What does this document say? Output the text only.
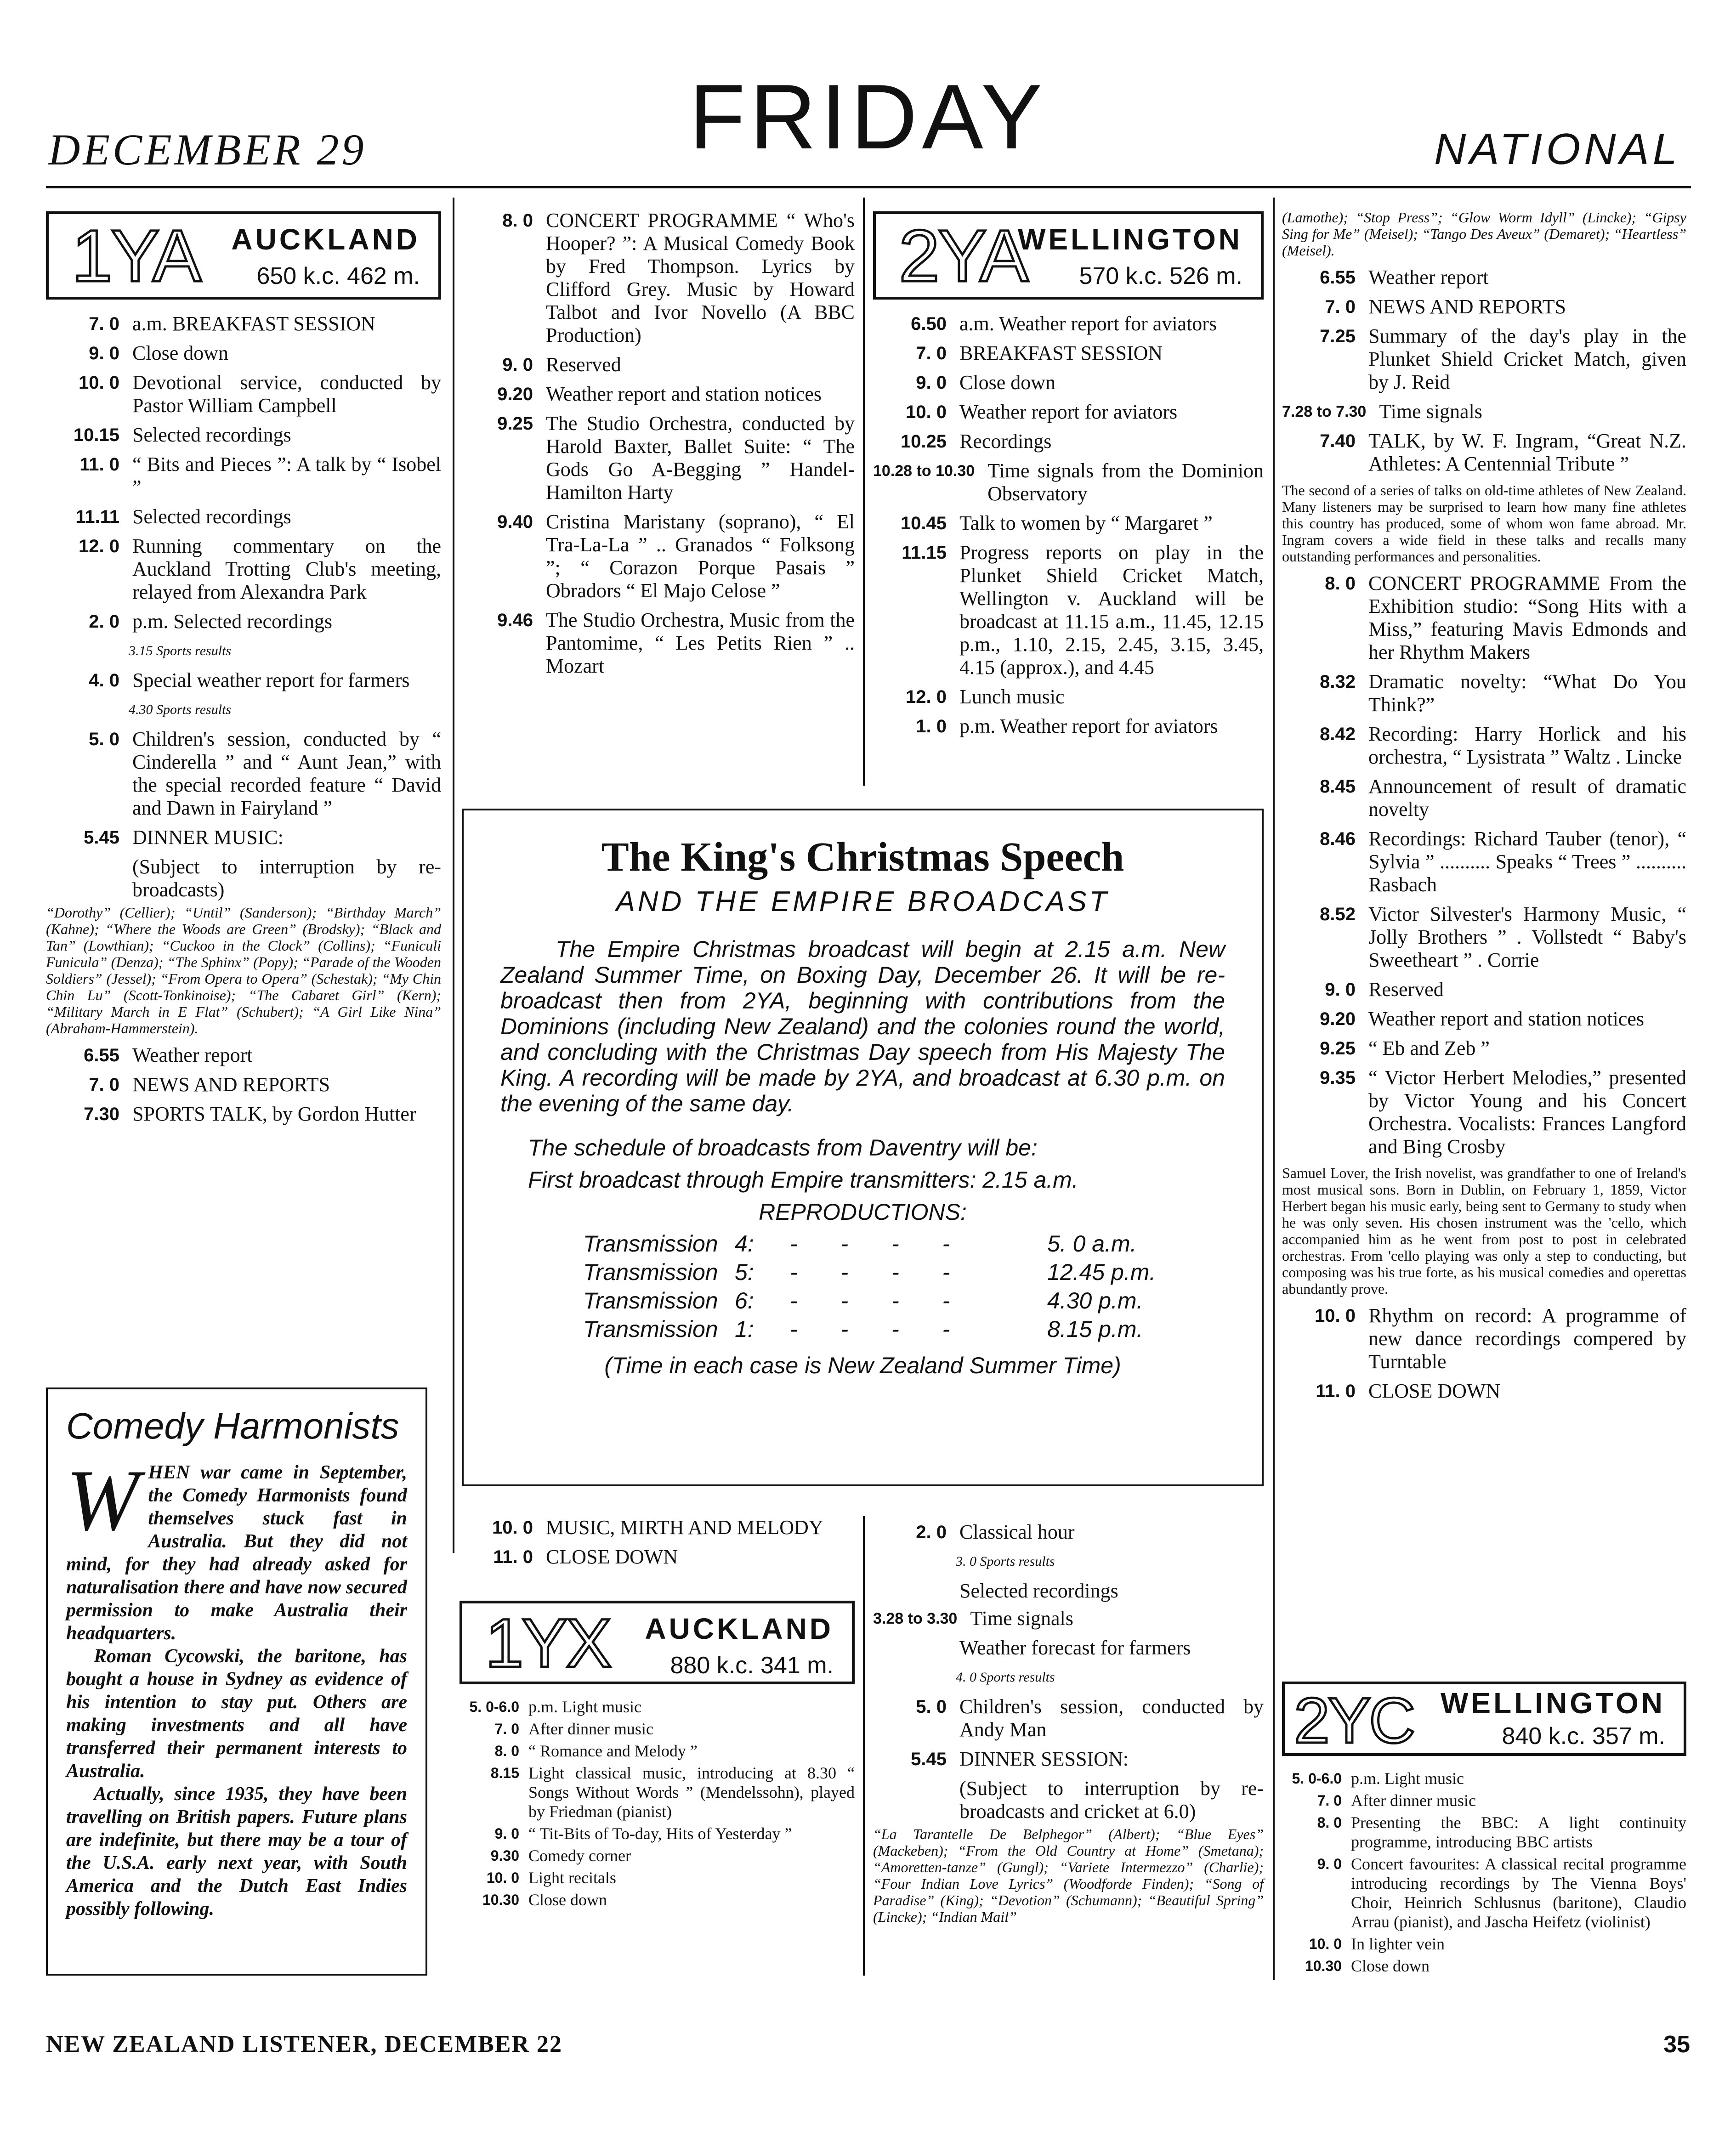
DECEMBER 29	FRIDAY	NATIONAL
1YA AUCKLAND
650 k.c. 462 m.
7. 0 a.m. BREAKFAST SESSION
9. 0 Close down
10. 0 Devotional service, conducted by Pastor William Campbell
10.15 Selected recordings
11. 0 “ Bits and Pieces ”: A talk by “ Isobel ”
11.11 Selected recordings
12. 0 Running commentary on the Auckland Trotting Club's meeting, relayed from Alexandra Park
2. 0 p.m. Selected recordings
3.15 Sports results
4. 0 Special weather report for farmers
4.30 Sports results
5. 0 Children's session, conducted by “ Cinderella ” and “ Aunt Jean,” with the special recorded feature “ David and Dawn in Fairyland ”
5.45 DINNER MUSIC:
(Subject to interruption by re-broadcasts)
“Dorothy” (Cellier); “Until” (Sanderson); “Birthday March” (Kahne); “Where the Woods are Green” (Brodsky); “Black and Tan” (Lowthian); “Cuckoo in the Clock” (Collins); “Funiculi Funicula” (Denza); “The Sphinx” (Popy); “Parade of the Wooden Soldiers” (Jessel); “From Opera to Opera” (Schestak); “My Chin Chin Lu” (Scott-Tonkinoise); “The Cabaret Girl” (Kern); “Military March in E Flat” (Schubert); “A Girl Like Nina” (Abraham-Hammerstein).
6.55 Weather report
7. 0 NEWS AND REPORTS
7.30 SPORTS TALK, by Gordon Hutter
Comedy Harmonists
W HEN war came in September, the Comedy Harmonists found themselves stuck fast in Australia. But they did not mind, for they had already asked for naturalisation there and have now secured permission to make Australia their headquarters.
Roman Cycowski, the baritone, has bought a house in Sydney as evidence of his intention to stay put. Others are making investments and all have transferred their permanent interests to Australia.
Actually, since 1935, they have been travelling on British papers. Future plans are indefinite, but there may be a tour of the U.S.A. early next year, with South America and the Dutch East Indies possibly following.
8. 0 CONCERT PROGRAMME “ Who's Hooper? ”: A Musical Comedy Book by Fred Thompson. Lyrics by Clifford Grey. Music by Howard Talbot and Ivor Novello (A BBC Production)
9. 0 Reserved
9.20 Weather report and station notices
9.25 The Studio Orchestra, conducted by Harold Baxter, Ballet Suite: “ The Gods Go A-Begging ” Handel-Hamilton Harty
9.40 Cristina Maristany (soprano), “ El Tra-La-La ” .. Granados “ Folksong ”; “ Corazon Porque Pasais ” Obradors “ El Majo Celose ”
9.46 The Studio Orchestra, Music from the Pantomime, “ Les Petits Rien ” .. Mozart
2YA
WELLINGTON
570 k.c. 526 m.
6.50 a.m. Weather report for aviators
7. 0 BREAKFAST SESSION
9. 0 Close down
10. 0 Weather report for aviators
10.25 Recordings
10.28 to 10.30 Time signals from the Dominion Observatory
10.45 Talk to women by “ Margaret ”
11.15 Progress reports on play in the Plunket Shield Cricket Match, Wellington v. Auckland will be broadcast at 11.15 a.m., 11.45, 12.15 p.m., 1.10, 2.15, 2.45, 3.15, 3.45, 4.15 (approx.), and 4.45
12. 0 Lunch music
1. 0 p.m. Weather report for aviators
The King's Christmas Speech
AND THE EMPIRE BROADCAST
The Empire Christmas broadcast will begin at 2.15 a.m. New Zealand Summer Time, on Boxing Day, December 26. It will be re-broadcast then from 2YA, beginning with contributions from the Dominions (including New Zealand) and the colonies round the world, and concluding with the Christmas Day speech from His Majesty The King. A recording will be made by 2YA, and broadcast at 6.30 p.m. on the evening of the same day.
The schedule of broadcasts from Daventry will be:
First broadcast through Empire transmitters: 2.15 a.m.
REPRODUCTIONS:
Transmission 4:	- - - -	5. 0 a.m.
Transmission 5:	- - - -	12.45 p.m.
Transmission 6:	- - - -	4.30 p.m.
Transmission 1:	- - - -	8.15 p.m.
(Time in each case is New Zealand Summer Time)
10. 0 MUSIC, MIRTH AND MELODY
11. 0 CLOSE DOWN
1YX AUCKLAND
880 k.c. 341 m.
5. 0-6.0 p.m. Light music
7. 0 After dinner music
8. 0 “ Romance and Melody ”
8.15 Light classical music, introducing at 8.30 “ Songs Without Words ” (Mendelssohn), played by Friedman (pianist)
9. 0 “ Tit-Bits of To-day, Hits of Yesterday ”
9.30 Comedy corner
10. 0 Light recitals
10.30 Close down
2. 0 Classical hour
3. 0 Sports results
Selected recordings
3.28 to 3.30 Time signals
Weather forecast for farmers
4. 0 Sports results
5. 0 Children's session, conducted by Andy Man
5.45 DINNER SESSION:
(Subject to interruption by re-broadcasts and cricket at 6.0)
“La Tarantelle De Belphegor” (Albert); “Blue Eyes” (Mackeben); “From the Old Country at Home” (Smetana); “Amoretten-tanze” (Gungl); “Variete Intermezzo” (Charlie); “Four Indian Love Lyrics” (Woodforde Finden); “Song of Paradise” (King); “Devotion” (Schumann); “Beautiful Spring” (Lincke); “Indian Mail”
(Lamothe); “Stop Press”; “Glow Worm Idyll” (Lincke); “Gipsy Sing for Me” (Meisel); “Tango Des Aveux” (Demaret); “Heartless” (Meisel).
6.55 Weather report
7. 0 NEWS AND REPORTS
7.25 Summary of the day's play in the Plunket Shield Cricket Match, given by J. Reid
7.28 to 7.30 Time signals
7.40 TALK, by W. F. Ingram, “Great N.Z. Athletes: A Centennial Tribute ”
The second of a series of talks on old-time athletes of New Zealand. Many listeners may be surprised to learn how many fine athletes this country has produced, some of whom won fame abroad. Mr. Ingram covers a wide field in these talks and recalls many outstanding performances and personalities.
8. 0 CONCERT PROGRAMME From the Exhibition studio: “Song Hits with a Miss,” featuring Mavis Edmonds and her Rhythm Makers
8.32 Dramatic novelty: “What Do You Think?”
8.42 Recording: Harry Horlick and his orchestra, “ Lysistrata ” Waltz . Lincke
8.45 Announcement of result of dramatic novelty
8.46 Recordings: Richard Tauber (tenor), “ Sylvia ” .......... Speaks “ Trees ” .......... Rasbach
8.52 Victor Silvester's Harmony Music, “ Jolly Brothers ” . Vollstedt “ Baby's Sweetheart ” . Corrie
9. 0 Reserved
9.20 Weather report and station notices
9.25 “ Eb and Zeb ”
9.35 “ Victor Herbert Melodies,” presented by Victor Young and his Concert Orchestra. Vocalists: Frances Langford and Bing Crosby
Samuel Lover, the Irish novelist, was grandfather to one of Ireland's most musical sons. Born in Dublin, on February 1, 1859, Victor Herbert began his music early, being sent to Germany to study when he was only seven. His chosen instrument was the 'cello, which accompanied him as he went from post to post in celebrated orchestras. From 'cello playing was only a step to conducting, but composing was his true forte, as his musical comedies and operettas abundantly prove.
10. 0 Rhythm on record: A programme of new dance recordings compered by Turntable
11. 0 CLOSE DOWN
2YC WELLINGTON
840 k.c. 357 m.
5. 0-6.0 p.m. Light music
7. 0 After dinner music
8. 0 Presenting the BBC: A light continuity programme, introducing BBC artists
9. 0 Concert favourites: A classical recital programme introducing recordings by The Vienna Boys' Choir, Heinrich Schlusnus (baritone), Claudio Arrau (pianist), and Jascha Heifetz (violinist)
10. 0 In lighter vein
10.30 Close down
NEW ZEALAND LISTENER, DECEMBER 22	35
